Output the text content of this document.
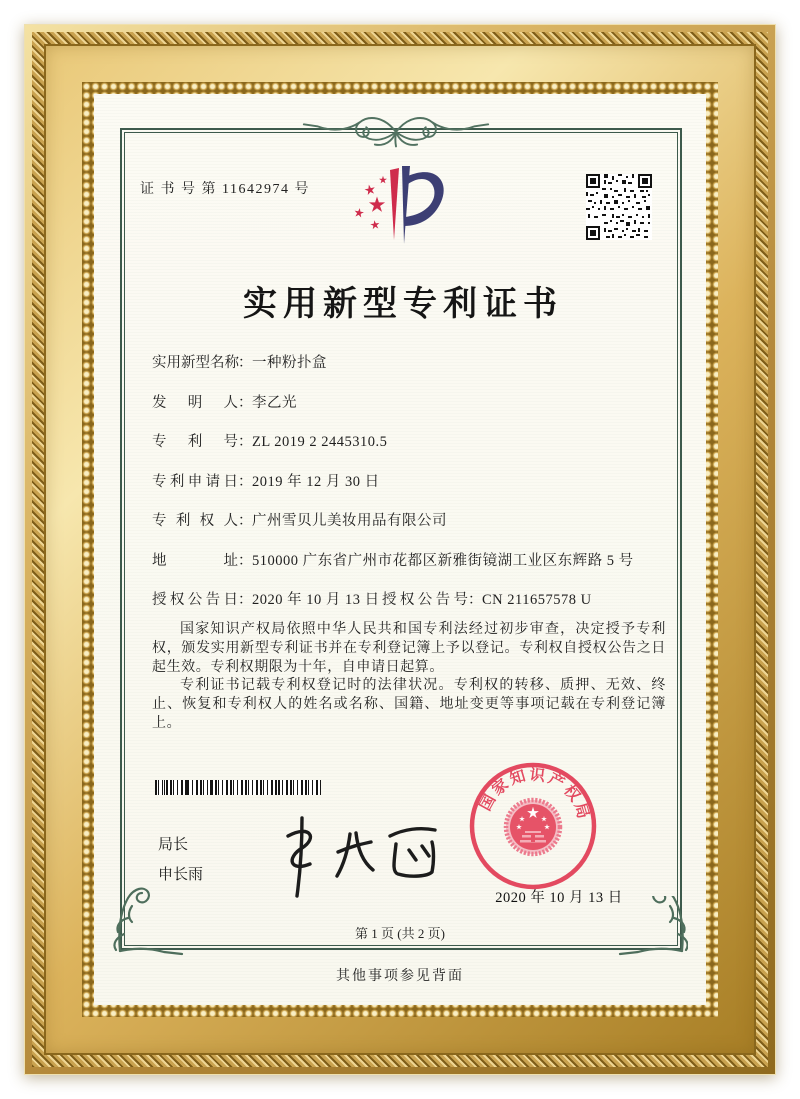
证 书 号 第 11642974 号
实用新型专利证书
实用新型名称：一种粉扑盒
发明人：李乙光
专利号：ZL 2019 2 2445310.5
专利申请日：2019 年 12 月 30 日
专利权人：广州雪贝儿美妆用品有限公司
地址：510000 广东省广州市花都区新雅街镜湖工业区东辉路 5 号
授权公告日：2020 年 10 月 13 日 授权公告号：CN 211657578 U

国家知识产权局依照中华人民共和国专利法经过初步审查，决定授予专利权，颁发实用新型专利证书并在专利登记簿上予以登记。专利权自授权公告之日起生效。专利权期限为十年，自申请日起算。

专利证书记载专利权登记时的法律状况。专利权的转移、质押、无效、终止、恢复和专利权人的姓名或名称、国籍、地址变更等事项记载在专利登记簿上。

局长
申长雨
国家知识产权局
2020 年 10 月 13 日
第 1 页 (共 2 页)
其他事项参见背面
